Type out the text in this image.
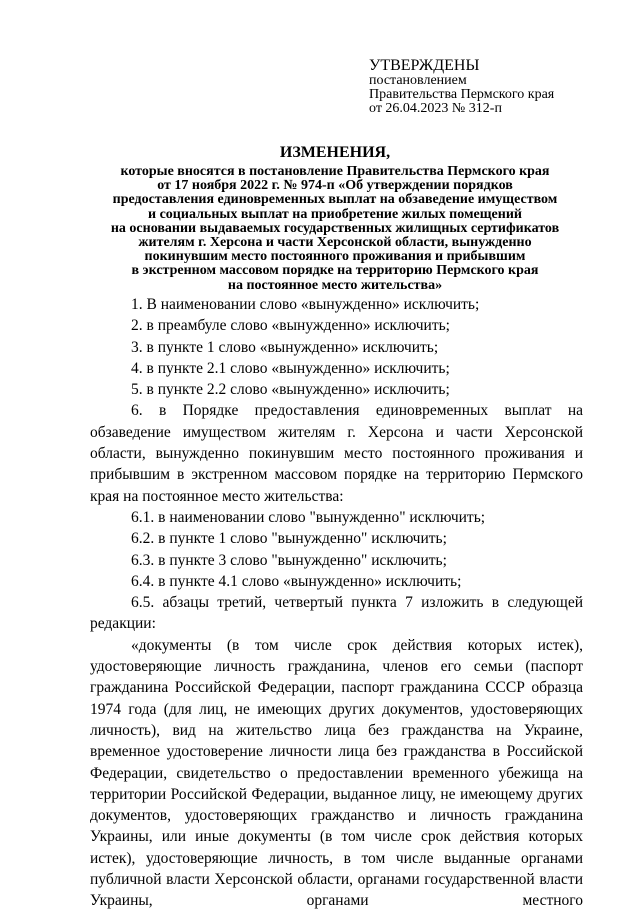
УТВЕРЖДЕНЫ
постановлением
Правительства Пермского края
от 26.04.2023 № 312-п
ИЗМЕНЕНИЯ,
которые вносятся в постановление Правительства Пермского края
от 17 ноября 2022 г. № 974-п «Об утверждении порядков
предоставления единовременных выплат на обзаведение имуществом
и социальных выплат на приобретение жилых помещений
на основании выдаваемых государственных жилищных сертификатов
жителям г. Херсона и части Херсонской области, вынужденно
покинувшим место постоянного проживания и прибывшим
в экстренном массовом порядке на территорию Пермского края
на постоянное место жительства»

1. В наименовании слово «вынужденно» исключить;

2. в преамбуле слово «вынужденно» исключить;

3. в пункте 1 слово «вынужденно» исключить;

4. в пункте 2.1 слово «вынужденно» исключить;

5. в пункте 2.2 слово «вынужденно» исключить;

6. в Порядке предоставления единовременных выплат на обзаведение имуществом жителям г. Херсона и части Херсонской области, вынужденно покинувшим место постоянного проживания и прибывшим в экстренном массовом порядке на территорию Пермского края на постоянное место жительства:

6.1. в наименовании слово "вынужденно" исключить;

6.2. в пункте 1 слово "вынужденно" исключить;

6.3. в пункте 3 слово "вынужденно" исключить;

6.4. в пункте 4.1 слово «вынужденно» исключить;

6.5. абзацы третий, четвертый пункта 7 изложить в следующей редакции:

«документы (в том числе срок действия которых истек), удостоверяющие личность гражданина, членов его семьи (паспорт гражданина Российской Федерации, паспорт гражданина СССР образца 1974 года (для лиц, не имеющих других документов, удостоверяющих личность), вид на жительство лица без гражданства на Украине, временное удостоверение личности лица без гражданства в Российской Федерации, свидетельство о предоставлении временного убежища на территории Российской Федерации, выданное лицу, не имеющему других документов, удостоверяющих гражданство и личность гражданина Украины, или иные документы (в том числе срок действия которых истек), удостоверяющие личность, в том числе выданные органами публичной власти Херсонской области, органами государственной власти Украины, органами местного
